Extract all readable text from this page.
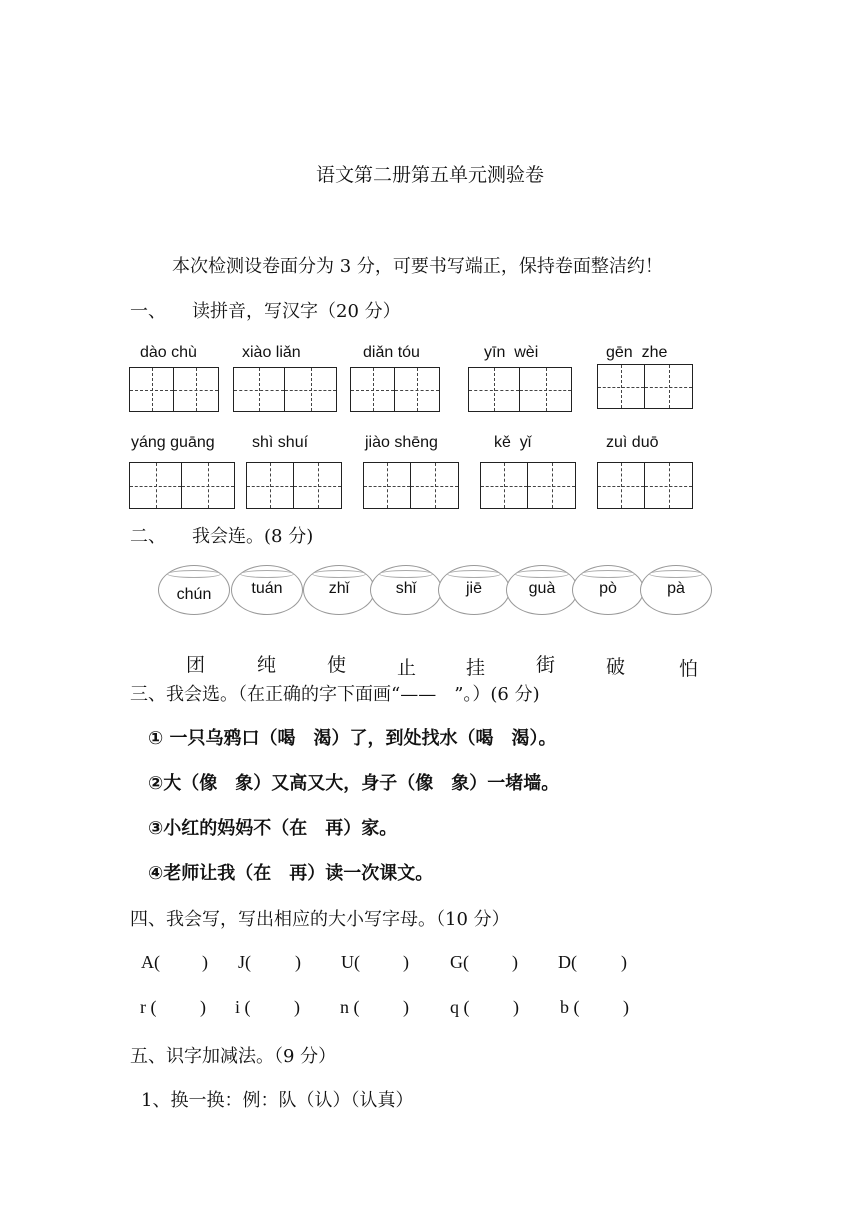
语文第二册第五单元测验卷
本次检测设卷面分为 3 分，可要书写端正，保持卷面整洁约！
一、 读拼音，写汉字（20 分）
dào chù	xiào liǎn	diǎn tóu	yīn  wèi	gēn  zhe
yáng guāng shì shuí	jiào shēng	kě  yǐ	zuì duō
二、 我会连。(8 分)
chún	tuán	zhǐ	shǐ	jiē	guà	pò	pà
团	纯	使	止	挂	街	破	怕
三、我会选。（在正确的字下面画“——　”。）(6 分)
① 一只乌鸦口（喝　渴）了，到处找水（喝　渴）。
②大（像　象）又高又大，身子（像　象）一堵墙。
③小红的妈妈不（在　再）家。
④老师让我（在　再）读一次课文。
四、我会写，写出相应的大小写字母。（10 分）
A( ) J( ) U( ) G( ) D( )
r ( ) i ( ) n ( ) q ( ) b ( )
五、识字加减法。（9 分）
1、换一换：例：队（认）（认真）
